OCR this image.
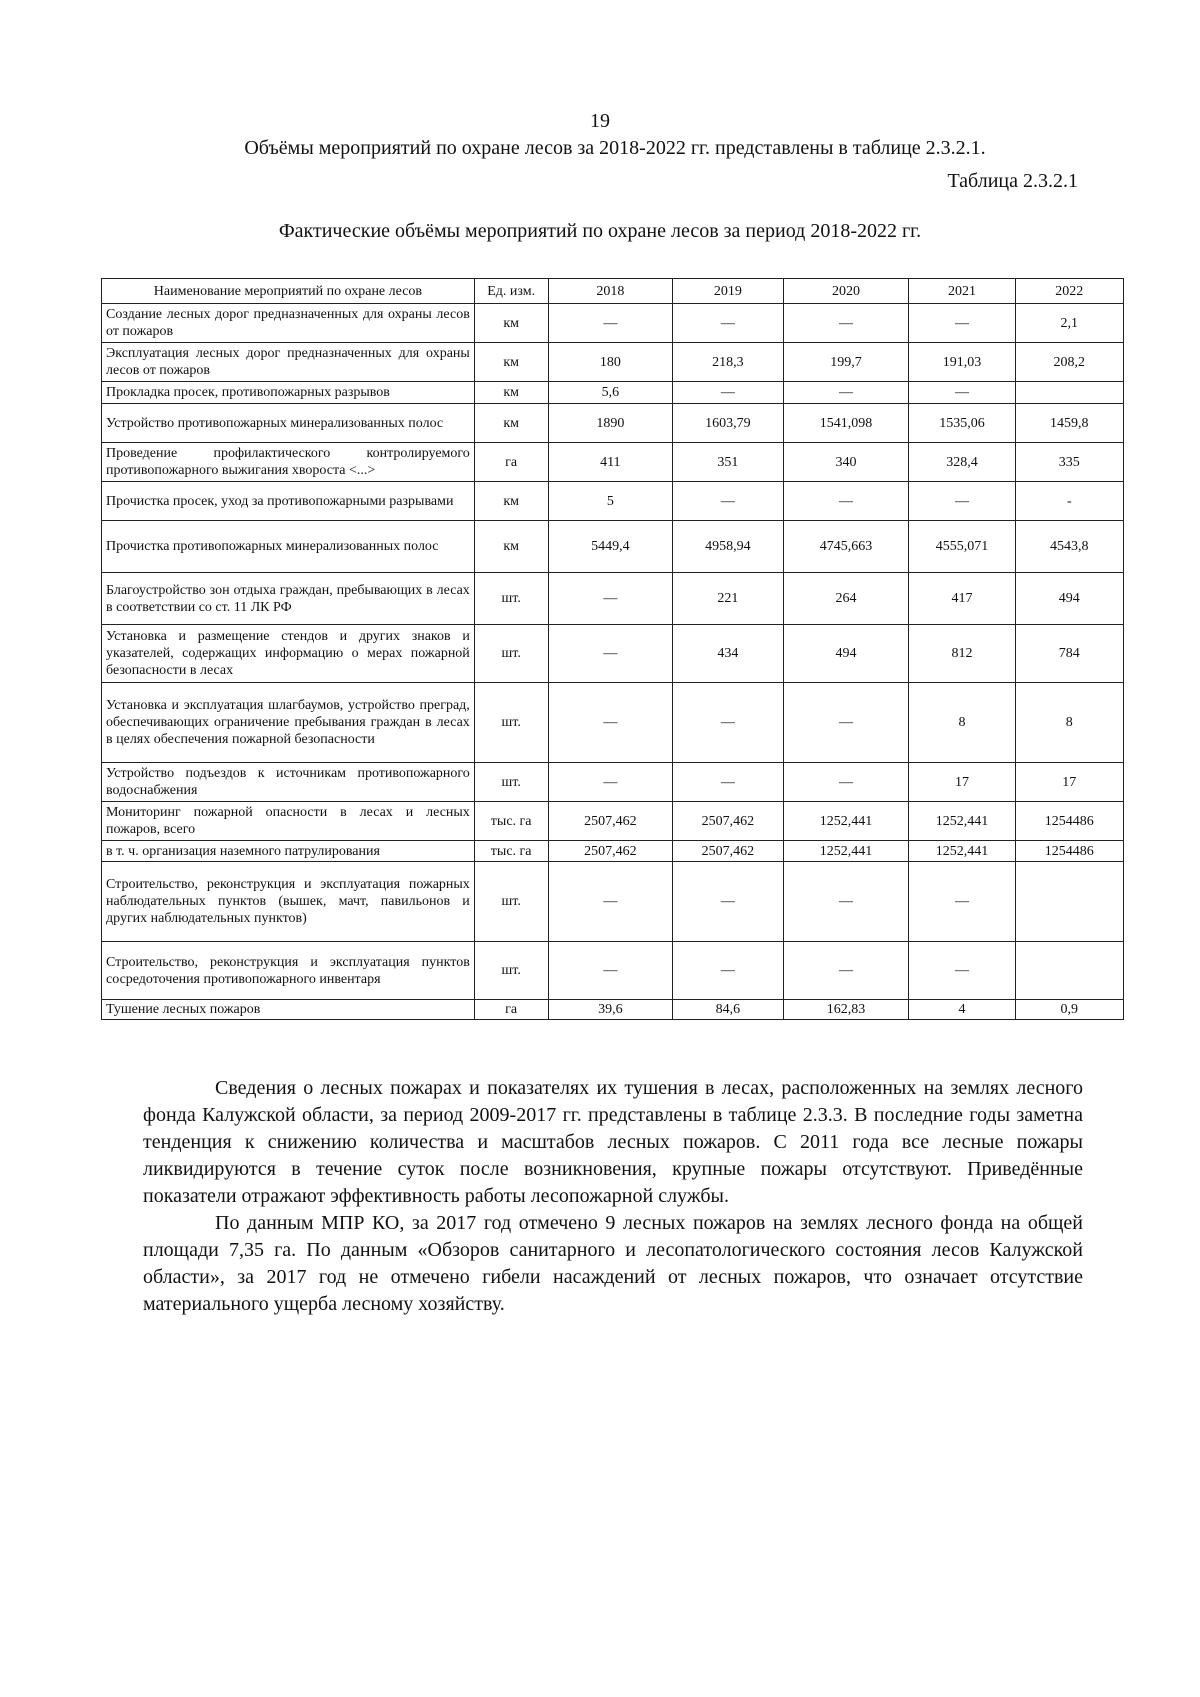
19
Объёмы мероприятий по охране лесов за 2018-2022 гг. представлены в таблице 2.3.2.1.
Таблица 2.3.2.1
Фактические объёмы мероприятий по охране лесов за период 2018-2022 гг.
Наименование мероприятий по охране лесов	Ед. изм.	2018	2019	2020	2021	2022
Создание лесных дорог предназначенных для охраны лесов от пожаров	км	—	—	—	—	2,1
Эксплуатация лесных дорог предназначенных для охраны лесов от пожаров	км	180	218,3	199,7	191,03	208,2
Прокладка просек, противопожарных разрывов	км	5,6	—	—	—	
Устройство противопожарных минерализованных полос	км	1890	1603,79	1541,098	1535,06	1459,8
Проведение профилактического контролируемого противопожарного выжигания хвороста <...>	га	411	351	340	328,4	335
Прочистка просек, уход за противопожарными разрывами	км	5	—	—	—	-
Прочистка противопожарных минерализованных полос	км	5449,4	4958,94	4745,663	4555,071	4543,8
Благоустройство зон отдыха граждан, пребывающих в лесах в соответствии со ст. 11 ЛК РФ	шт.	—	221	264	417	494
Установка и размещение стендов и других знаков и указателей, содержащих информацию о мерах пожарной безопасности в лесах	шт.	—	434	494	812	784
Установка и эксплуатация шлагбаумов, устройство преград, обеспечивающих ограничение пребывания граждан в лесах в целях обеспечения пожарной безопасности	шт.	—	—	—	8	8
Устройство подъездов к источникам противопожарного водоснабжения	шт.	—	—	—	17	17
Мониторинг пожарной опасности в лесах и лесных пожаров, всего	тыс. га	2507,462	2507,462	1252,441	1252,441	1254486
в т. ч. организация наземного патрулирования	тыс. га	2507,462	2507,462	1252,441	1252,441	1254486
Строительство, реконструкция и эксплуатация пожарных наблюдательных пунктов (вышек, мачт, павильонов и других наблюдательных пунктов)	шт.	—	—	—	—	
Строительство, реконструкция и эксплуатация пунктов сосредоточения противопожарного инвентаря	шт.	—	—	—	—	
Тушение лесных пожаров	га	39,6	84,6	162,83	4	0,9

Сведения о лесных пожарах и показателях их тушения в лесах, расположенных на землях лесного фонда Калужской области, за период 2009-2017 гг. представлены в таблице 2.3.3. В последние годы заметна тенденция к снижению количества и масштабов лесных пожаров. С 2011 года все лесные пожары ликвидируются в течение суток после возникновения, крупные пожары отсутствуют. Приведённые показатели отражают эффективность работы лесопожарной службы.

По данным МПР КО, за 2017 год отмечено 9 лесных пожаров на землях лесного фонда на общей площади 7,35 га. По данным «Обзоров санитарного и лесопатологического состояния лесов Калужской области», за 2017 год не отмечено гибели насаждений от лесных пожаров, что означает отсутствие материального ущерба лесному хозяйству.
